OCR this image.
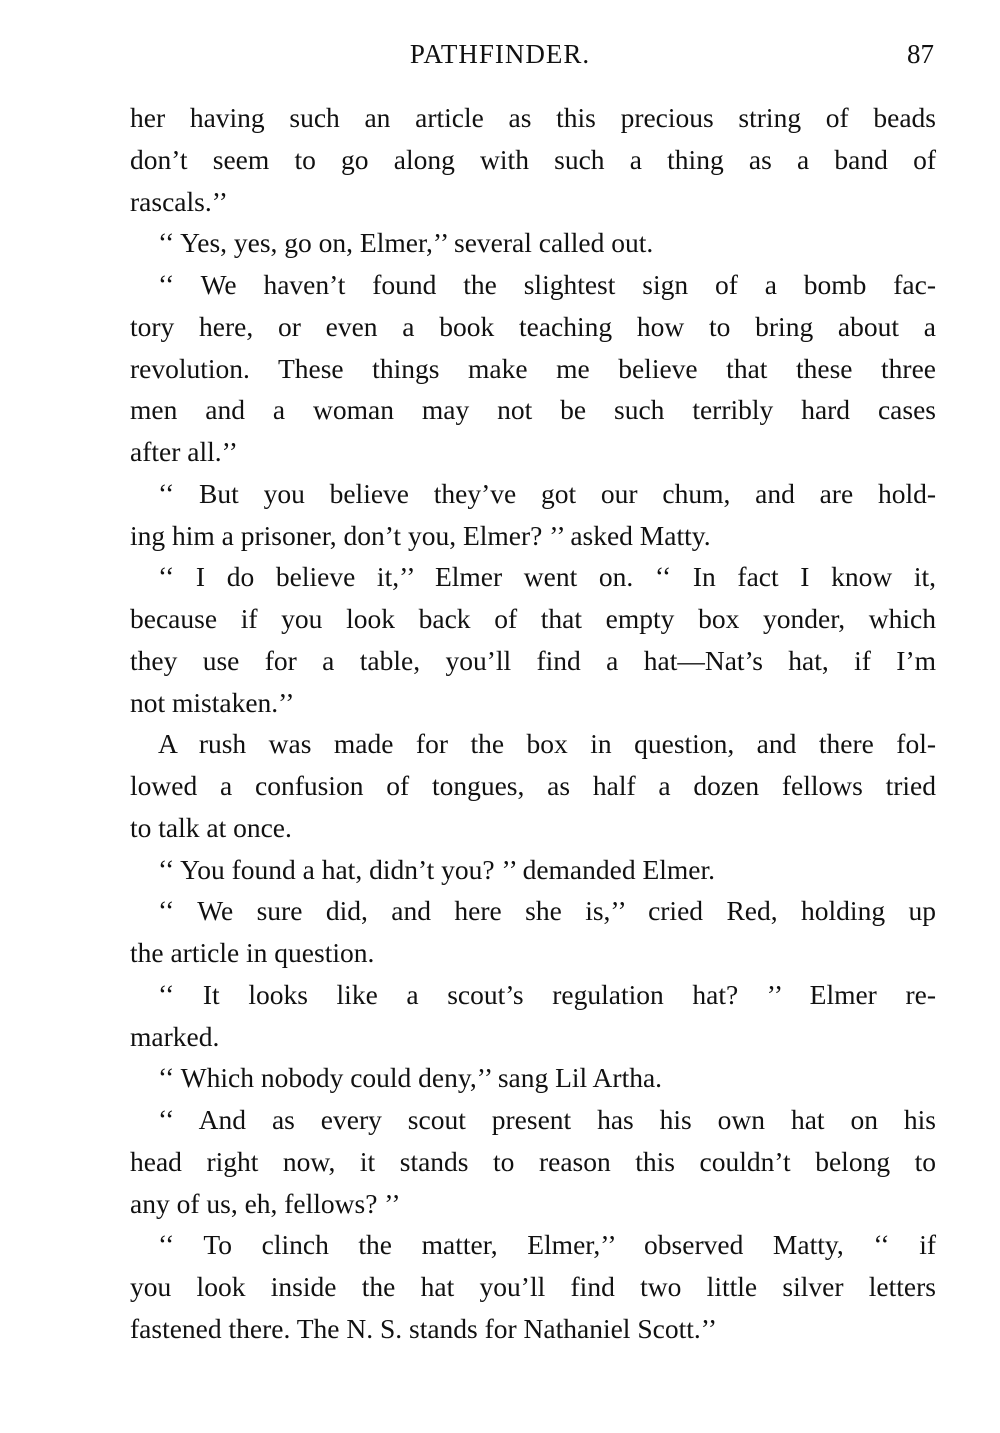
PATHFINDER.	87
her having such an article as this precious string of beads
don’t seem to go along with such a thing as a band of
rascals.’’
‘‘ Yes, yes, go on, Elmer,’’ several called out.
‘‘ We haven’t found the slightest sign of a bomb fac-
tory here, or even a book teaching how to bring about a
revolution. These things make me believe that these three
men and a woman may not be such terribly hard cases
after all.’’
‘‘ But you believe they’ve got our chum, and are hold-
ing him a prisoner, don’t you, Elmer? ’’ asked Matty.
‘‘ I do believe it,’’ Elmer went on. ‘‘ In fact I know it,
because if you look back of that empty box yonder, which
they use for a table, you’ll find a hat—Nat’s hat, if I’m
not mistaken.’’
A rush was made for the box in question, and there fol-
lowed a confusion of tongues, as half a dozen fellows tried
to talk at once.
‘‘ You found a hat, didn’t you? ’’ demanded Elmer.
‘‘ We sure did, and here she is,’’ cried Red, holding up
the article in question.
‘‘ It looks like a scout’s regulation hat? ’’ Elmer re-
marked.
‘‘ Which nobody could deny,’’ sang Lil Artha.
‘‘ And as every scout present has his own hat on his
head right now, it stands to reason this couldn’t belong to
any of us, eh, fellows? ’’
‘‘ To clinch the matter, Elmer,’’ observed Matty, ‘‘ if
you look inside the hat you’ll find two little silver letters
fastened there. The N. S. stands for Nathaniel Scott.’’
